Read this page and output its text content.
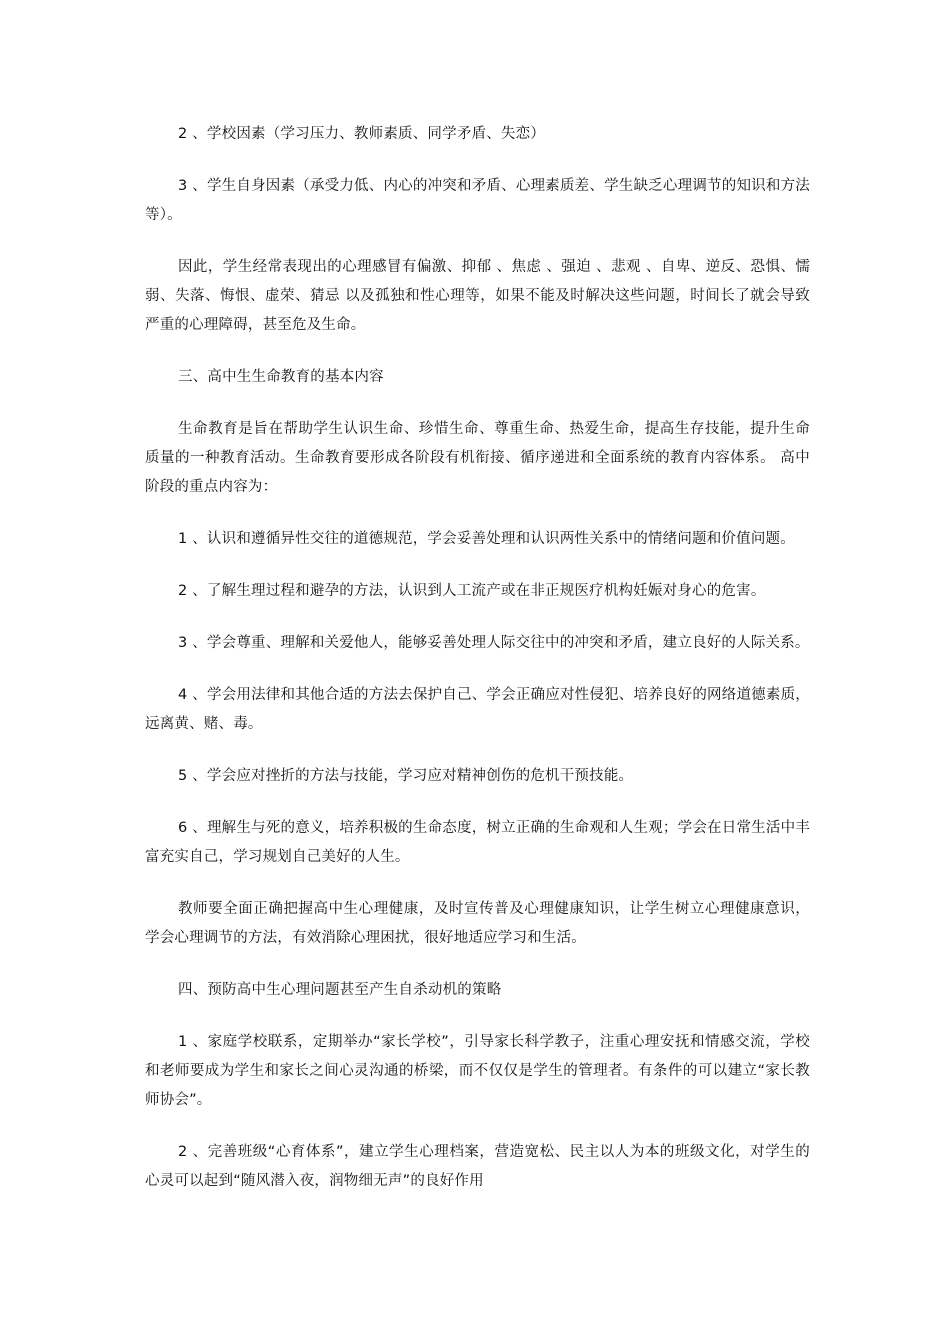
2 、学校因素（学习压力、教师素质、同学矛盾、失恋）

3 、学生自身因素（承受力低、内心的冲突和矛盾、心理素质差、学生缺乏心理调节的知识和方法等）。

因此，学生经常表现出的心理感冒有偏激、抑郁 、焦虑 、强迫 、悲观 、自卑、逆反、恐惧、懦弱、失落、悔恨、虚荣、猜忌 以及孤独和性心理等，如果不能及时解决这些问题，时间长了就会导致严重的心理障碍，甚至危及生命。

三、高中生生命教育的基本内容

生命教育是旨在帮助学生认识生命、珍惜生命、尊重生命、热爱生命，提高生存技能，提升生命质量的一种教育活动。生命教育要形成各阶段有机衔接、循序递进和全面系统的教育内容体系。 高中阶段的重点内容为：

1 、认识和遵循异性交往的道德规范，学会妥善处理和认识两性关系中的情绪问题和价值问题。

2 、了解生理过程和避孕的方法，认识到人工流产或在非正规医疗机构妊娠对身心的危害。

3 、学会尊重、理解和关爱他人，能够妥善处理人际交往中的冲突和矛盾，建立良好的人际关系。

4 、学会用法律和其他合适的方法去保护自己、学会正确应对性侵犯、培养良好的网络道德素质，远离黄、赌、毒。

5 、学会应对挫折的方法与技能，学习应对精神创伤的危机干预技能。

6 、理解生与死的意义，培养积极的生命态度，树立正确的生命观和人生观；学会在日常生活中丰富充实自己，学习规划自己美好的人生。

教师要全面正确把握高中生心理健康，及时宣传普及心理健康知识，让学生树立心理健康意识， 学会心理调节的方法，有效消除心理困扰，很好地适应学习和生活。

四、预防高中生心理问题甚至产生自杀动机的策略

1 、家庭学校联系，定期举办“家长学校”，引导家长科学教子，注重心理安抚和情感交流，学校和老师要成为学生和家长之间心灵沟通的桥梁，而不仅仅是学生的管理者。有条件的可以建立“家长教师协会”。

2 、完善班级“心育体系”，建立学生心理档案，营造宽松、民主以人为本的班级文化，对学生的心灵可以起到“随风潜入夜，润物细无声”的良好作用
